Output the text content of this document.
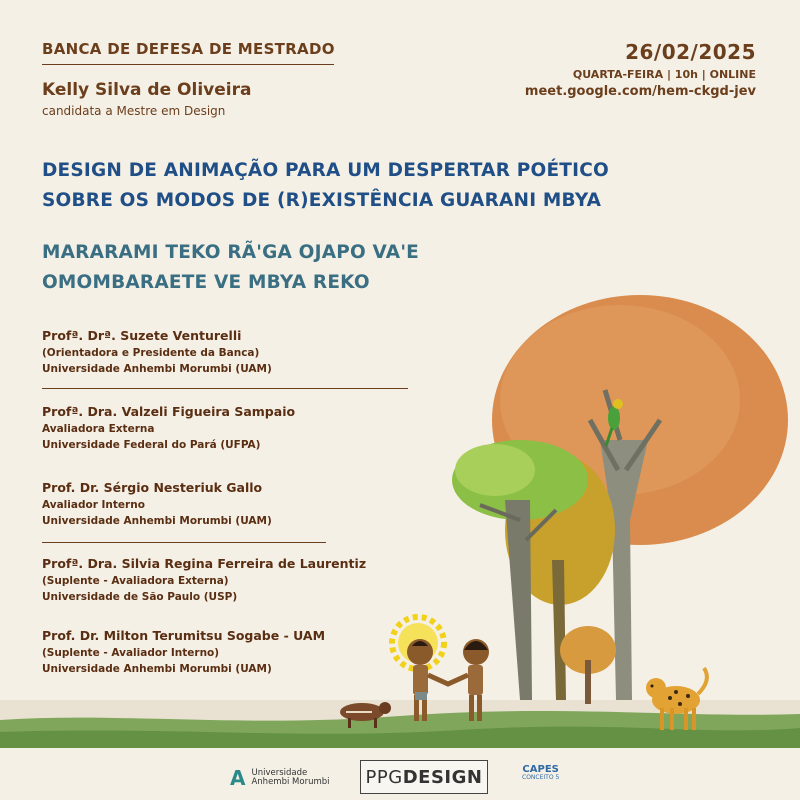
BANCA DE DEFESA DE MESTRADO
Kelly Silva de Oliveira
candidata a Mestre em Design
26/02/2025
QUARTA-FEIRA | 10h | ONLINE
meet.google.com/hem-ckgd-jev
DESIGN DE ANIMAÇÃO PARA UM DESPERTAR POÉTICO
SOBRE OS MODOS DE (R)EXISTÊNCIA GUARANI MBYA
MARARAMI TEKO RÃ'GA OJAPO VA'E
OMOMBARAETE VE MBYA REKO
Profª. Drª. Suzete Venturelli
(Orientadora e Presidente da Banca)
Universidade Anhembi Morumbi (UAM)
Profª. Dra. Valzeli Figueira Sampaio
Avaliadora Externa
Universidade Federal do Pará (UFPA)
Prof. Dr. Sérgio Nesteriuk Gallo
Avaliador Interno
Universidade Anhembi Morumbi (UAM)
Profª. Dra. Silvia Regina Ferreira de Laurentiz
(Suplente - Avaliadora Externa)
Universidade de São Paulo (USP)
Prof. Dr. Milton Terumitsu Sogabe - UAM
(Suplente - Avaliador Interno)
Universidade Anhembi Morumbi (UAM)
A Universidade
Anhembi Morumbi PPG DESIGN	CAPES
CONCEITO 5
